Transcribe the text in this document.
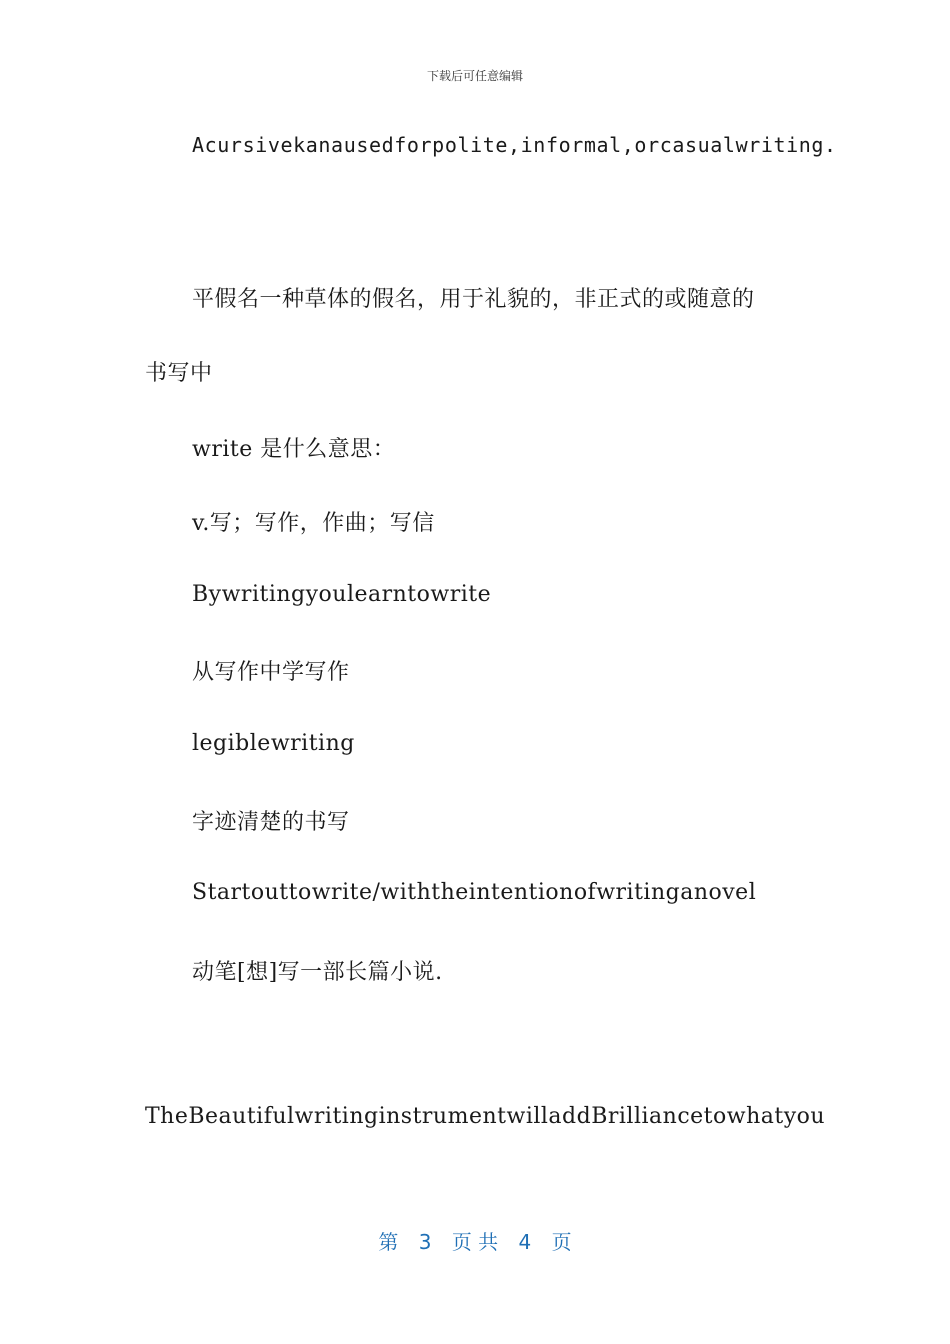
下载后可任意编辑
Acursivekanausedforpolite,informal,orcasualwriting.
平假名一种草体的假名，用于礼貌的，非正式的或随意的
书写中
write 是什么意思：
v.写；写作，作曲；写信
Bywritingyoulearntowrite
从写作中学写作
legiblewriting
字迹清楚的书写
Startouttowrite/withtheintentionofwritinganovel
动笔[想]写一部长篇小说.
TheBeautifulwritinginstrumentwilladdBrilliancetowhatyou
第 3 页 共 4 页
